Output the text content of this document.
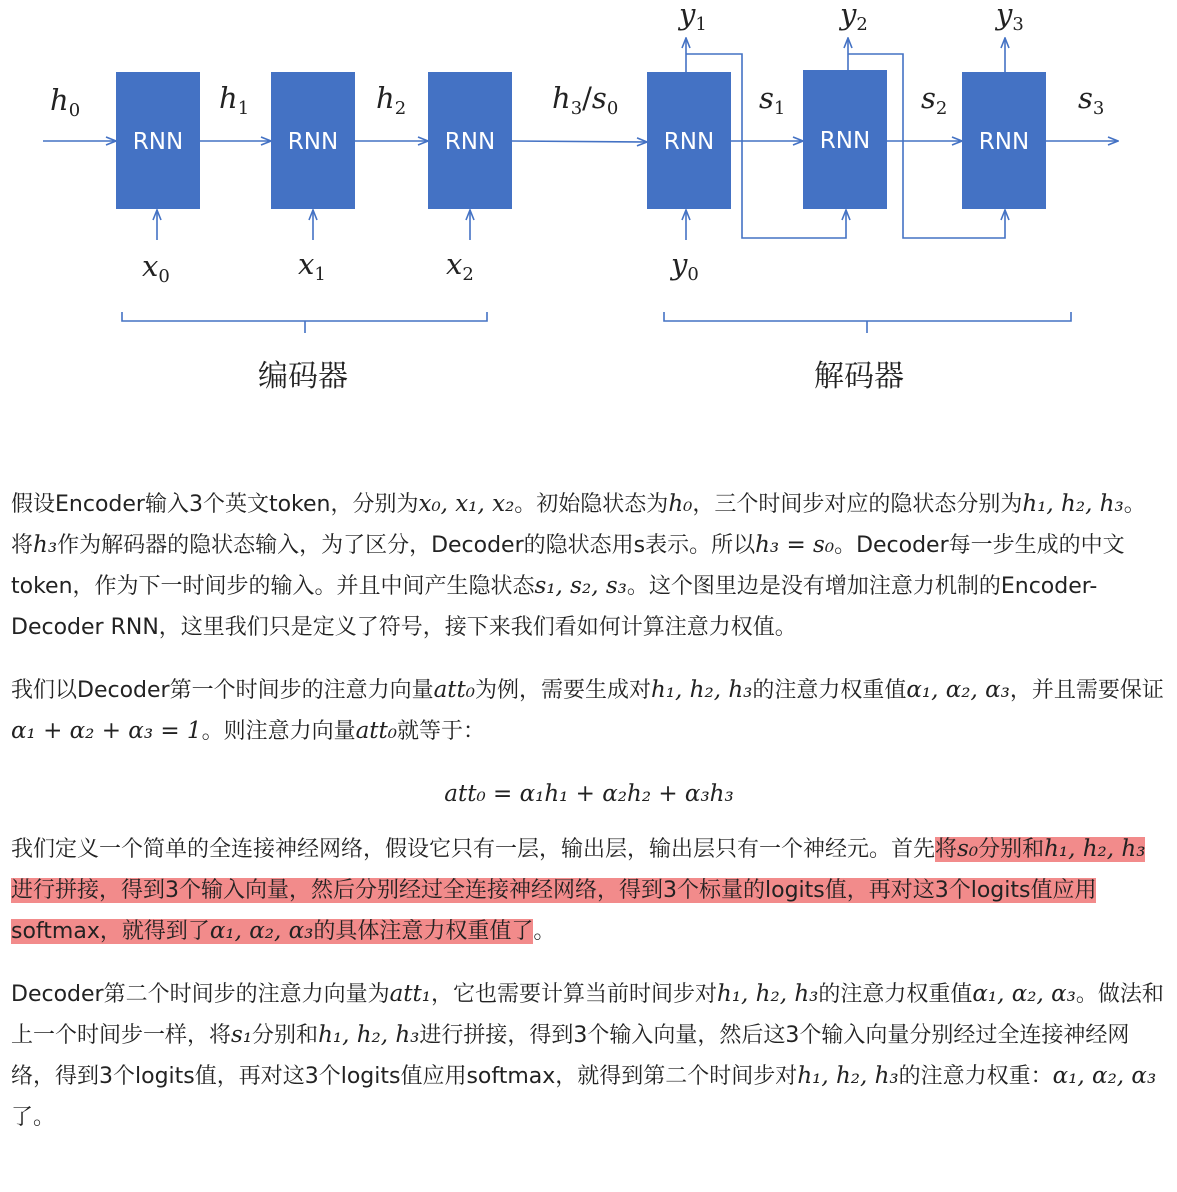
RNN	RNN	RNN	RNN	RNN	RNN
$h_0$	$h_1$	$h_2$	$h_3/s_0$	$s_1$	$s_2$	$s_3$
$x_0$	$x_1$	$x_2$	$y_0$
$y_1$	$y_2$	$y_3$
编码器	解码器

假设Encoder输入3个英文token，分别为x₀, x₁, x₂。初始隐状态为h₀，三个时间步对应的隐状态分别为h₁, h₂, h₃。将h₃作为解码器的隐状态输入，为了区分，Decoder的隐状态用s表示。所以h₃ = s₀。Decoder每一步生成的中文token，作为下一时间步的输入。并且中间产生隐状态s₁, s₂, s₃。这个图里边是没有增加注意力机制的Encoder-Decoder RNN，这里我们只是定义了符号，接下来我们看如何计算注意力权值。

我们以Decoder第一个时间步的注意力向量att₀为例，需要生成对h₁, h₂, h₃的注意力权重值α₁, α₂, α₃，并且需要保证α₁ + α₂ + α₃ = 1。则注意力向量att₀就等于：

att₀ = α₁h₁ + α₂h₂ + α₃h₃

我们定义一个简单的全连接神经网络，假设它只有一层，输出层，输出层只有一个神经元。首先将s₀分别和h₁, h₂, h₃进行拼接，得到3个输入向量，然后分别经过全连接神经网络，得到3个标量的logits值，再对这3个logits值应用softmax，就得到了α₁, α₂, α₃的具体注意力权重值了。

Decoder第二个时间步的注意力向量为att₁，它也需要计算当前时间步对h₁, h₂, h₃的注意力权重值α₁, α₂, α₃。做法和上一个时间步一样，将s₁分别和h₁, h₂, h₃进行拼接，得到3个输入向量，然后这3个输入向量分别经过全连接神经网络，得到3个logits值，再对这3个logits值应用softmax，就得到第二个时间步对h₁, h₂, h₃的注意力权重：α₁, α₂, α₃了。
